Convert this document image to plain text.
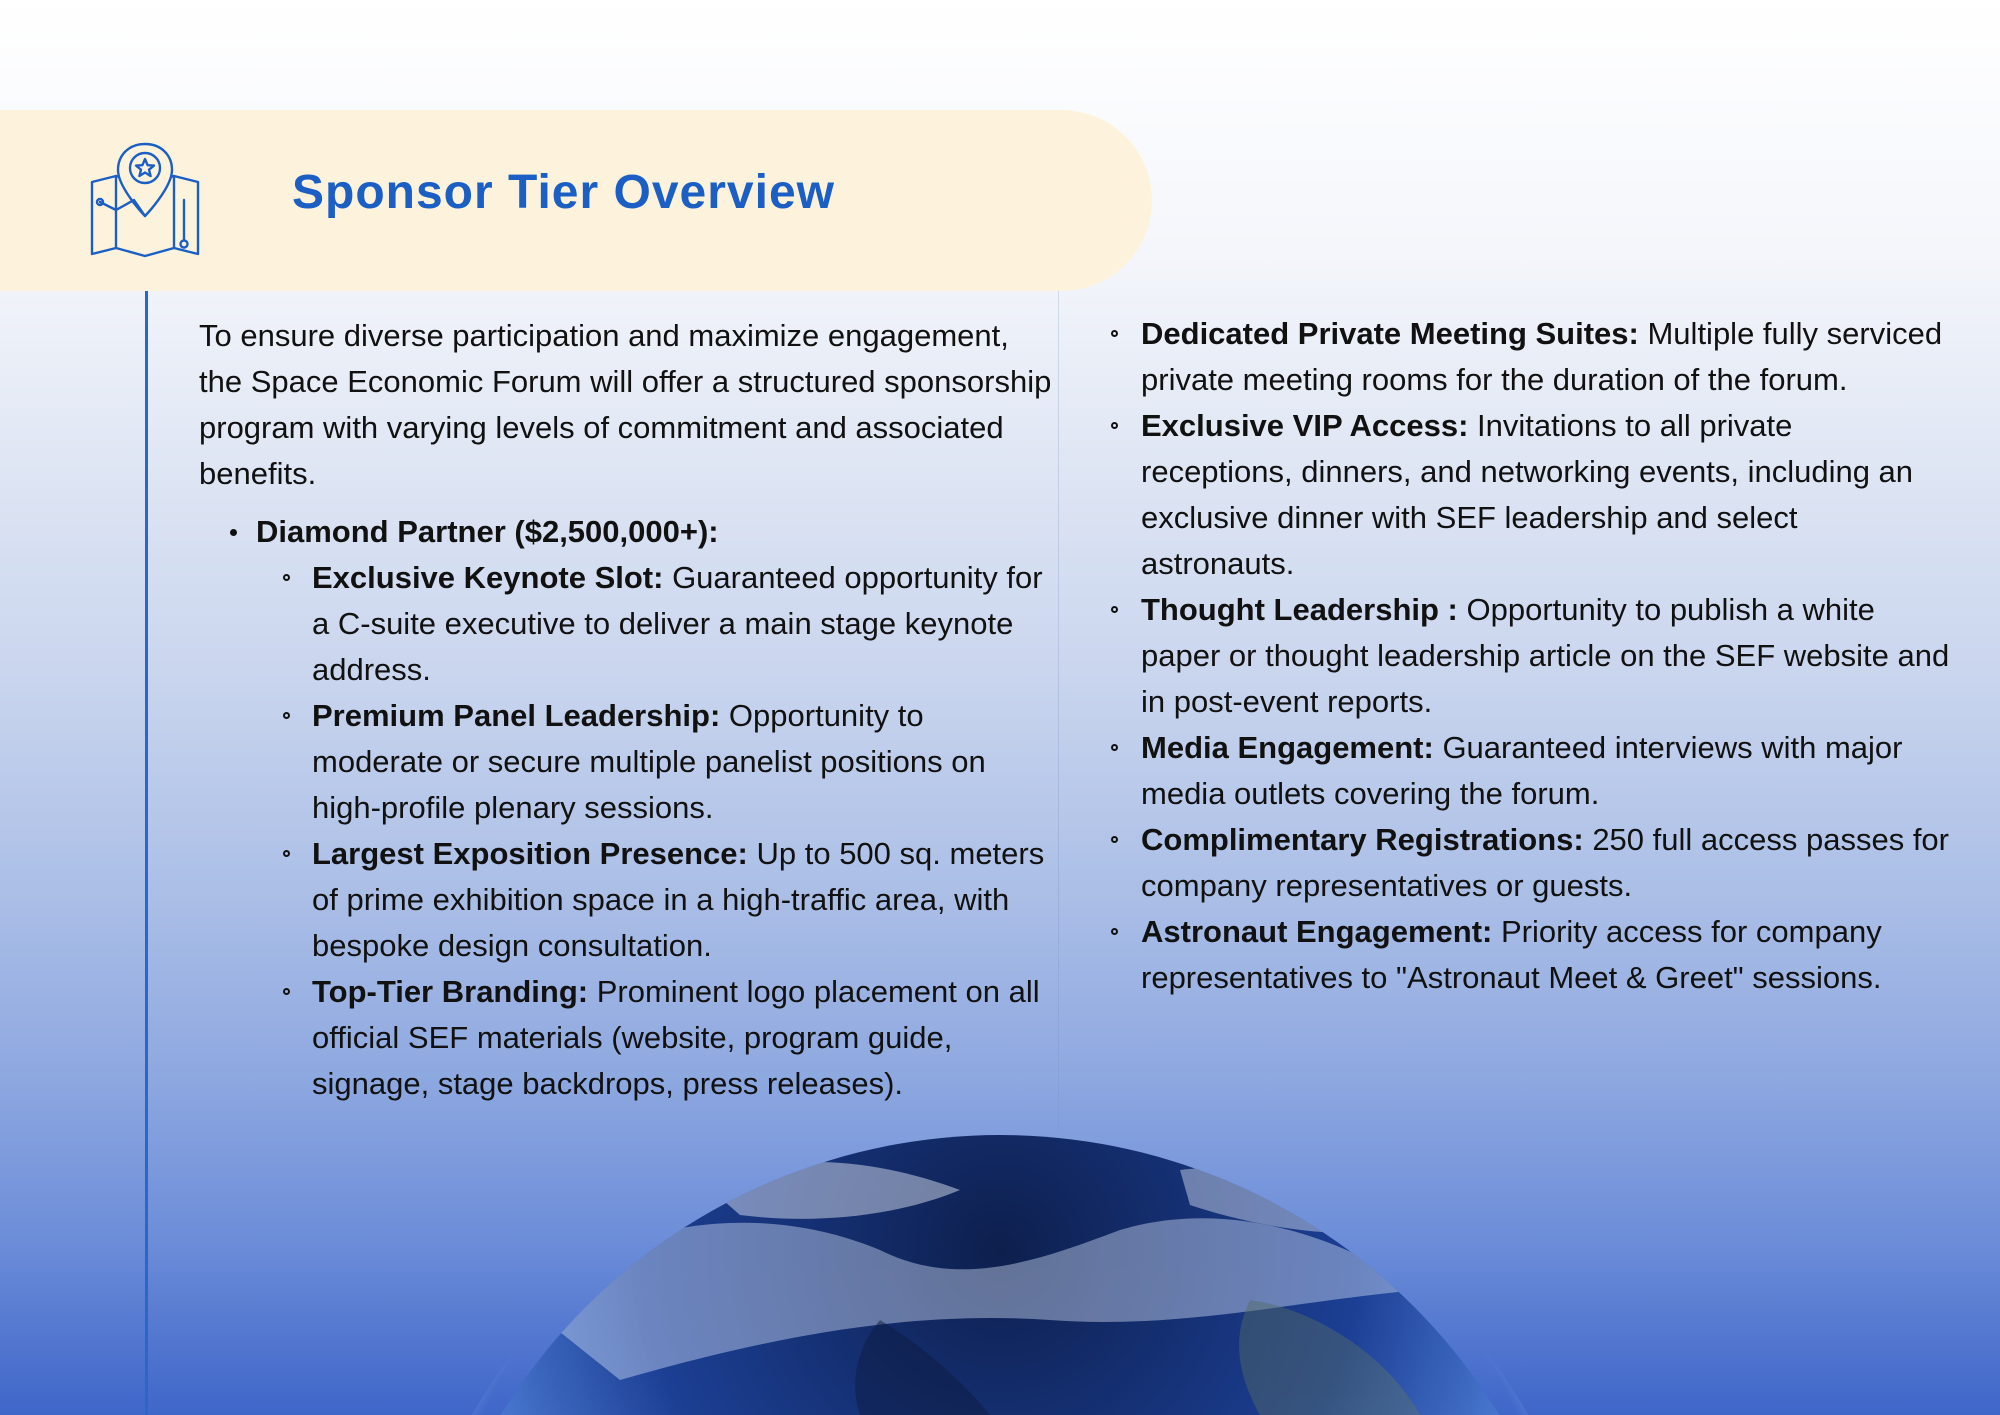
Sponsor Tier Overview

To ensure diverse participation and maximize engagement, the Space Economic Forum will offer a structured sponsorship program with varying levels of commitment and associated benefits.

Diamond Partner ($2,500,000+):
Exclusive Keynote Slot: Guaranteed opportunity for a C-suite executive to deliver a main stage keynote address.
Premium Panel Leadership: Opportunity to moderate or secure multiple panelist positions on high-profile plenary sessions.
Largest Exposition Presence: Up to 500 sq. meters of prime exhibition space in a high-traffic area, with bespoke design consultation.
Top-Tier Branding: Prominent logo placement on all official SEF materials (website, program guide, signage, stage backdrops, press releases).
Dedicated Private Meeting Suites: Multiple fully serviced private meeting rooms for the duration of the forum.
Exclusive VIP Access: Invitations to all private receptions, dinners, and networking events, including an exclusive dinner with SEF leadership and select astronauts.
Thought Leadership : Opportunity to publish a white paper or thought leadership article on the SEF website and in post-event reports.
Media Engagement: Guaranteed interviews with major media outlets covering the forum.
Complimentary Registrations: 250 full access passes for company representatives or guests.
Astronaut Engagement: Priority access for company representatives to "Astronaut Meet & Greet" sessions.
